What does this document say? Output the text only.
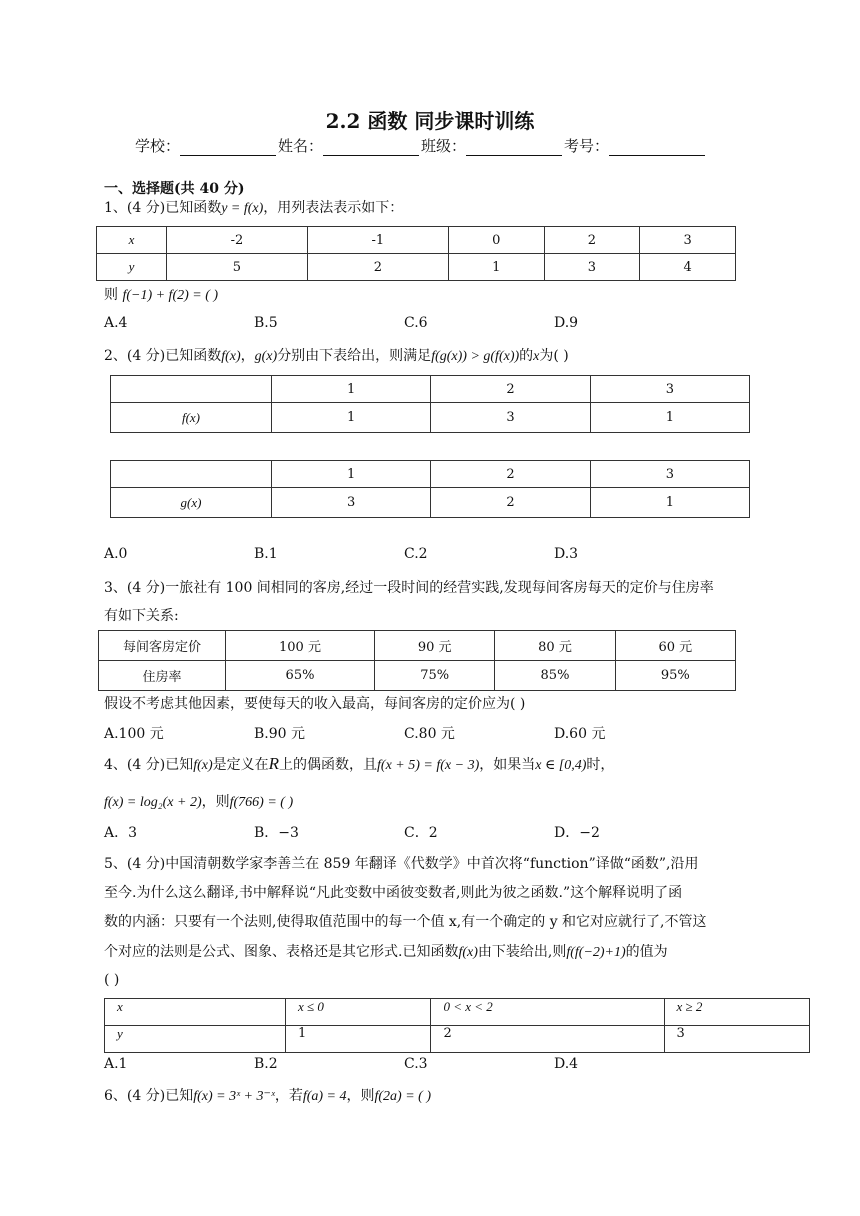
2.2 函数 同步课时训练
学校：	姓名：	班级：	考号：
一、选择题(共 40 分)
1、(4 分)已知函数y = f(x)，用列表法表示如下：
x	-2	-1	0	2	3
y	5	2	1	3	4
则 f(−1) + f(2) = ( )
A.4	B.5	C.6	D.9
2、(4 分)已知函数f(x)，g(x)分别由下表给出，则满足f(g(x)) > g(f(x))的x为( )
	1	2	3
f(x)	1	3	1
	1	2	3
g(x)	3	2	1
A.0	B.1	C.2	D.3
3、(4 分)一旅社有 100 间相同的客房,经过一段时间的经营实践,发现每间客房每天的定价与住房率
有如下关系:
每间客房定价	100 元	90 元	80 元	60 元
住房率	65%	75%	85%	95%
假设不考虑其他因素，要使每天的收入最高，每间客房的定价应为( )
A.100 元	B.90 元	C.80 元	D.60 元
4、(4 分)已知f(x)是定义在R上的偶函数，且f(x + 5) = f(x − 3)，如果当x ∈ [0,4)时，
f(x) = log₂(x + 2)，则f(766) = ( )
A．3	B．−3	C．2	D．−2
5、(4 分)中国清朝数学家李善兰在 859 年翻译《代数学》中首次将“function”译做“函数”,沿用
至今.为什么这么翻译,书中解释说“凡此变数中函彼变数者,则此为彼之函数.”这个解释说明了函
数的内涵：只要有一个法则,使得取值范围中的每一个值 x,有一个确定的 y 和它对应就行了,不管这
个对应的法则是公式、图象、表格还是其它形式.已知函数f(x)由下装给出,则f(f(−2)+1)的值为
( )
x	x ≤ 0	0 < x < 2	x ≥ 2
y	1	2	3
A.1	B.2	C.3	D.4
6、(4 分)已知f(x) = 3ˣ + 3⁻ˣ，若f(a) = 4，则f(2a) = ( )
